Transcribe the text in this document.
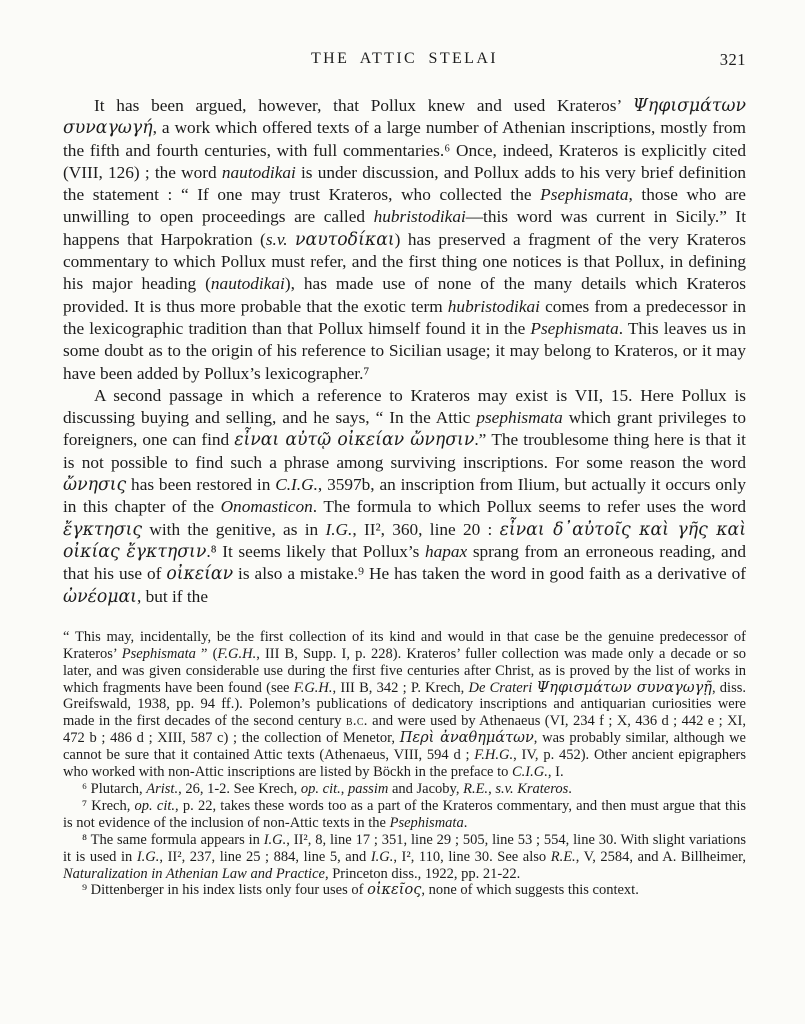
THE ATTIC STELAI	321

It has been argued, however, that Pollux knew and used Krateros’ Ψηφισμάτων συναγωγή, a work which offered texts of a large number of Athenian inscriptions, mostly from the fifth and fourth centuries, with full commentaries.⁶ Once, indeed, Krateros is explicitly cited (VIII, 126) ; the word nautodikai is under discussion, and Pollux adds to his very brief definition the statement : “ If one may trust Krateros, who collected the Psephismata, those who are unwilling to open proceedings are called hubristodikai—this word was current in Sicily.” It happens that Harpokration (s.v. ναυτοδίκαι) has preserved a fragment of the very Krateros commentary to which Pollux must refer, and the first thing one notices is that Pollux, in defining his major heading (nautodikai), has made use of none of the many details which Krateros provided. It is thus more probable that the exotic term hubristodikai comes from a predecessor in the lexicographic tradition than that Pollux himself found it in the Psephismata. This leaves us in some doubt as to the origin of his reference to Sicilian usage; it may belong to Krateros, or it may have been added by Pollux’s lexicographer.⁷

A second passage in which a reference to Krateros may exist is VII, 15. Here Pollux is discussing buying and selling, and he says, “ In the Attic psephismata which grant privileges to foreigners, one can find εἶναι αὐτῷ οἰκείαν ὤνησιν.” The troublesome thing here is that it is not possible to find such a phrase among surviving inscriptions. For some reason the word ὤνησις has been restored in C.I.G., 3597b, an inscription from Ilium, but actually it occurs only in this chapter of the Onomasticon. The formula to which Pollux seems to refer uses the word ἔγκτησις with the genitive, as in I.G., II², 360, line 20 : εἶναι δ᾽αὐτοῖς καὶ γῆς καὶ οἰκίας ἔγκτησιν.⁸ It seems likely that Pollux’s hapax sprang from an erroneous reading, and that his use of οἰκείαν is also a mistake.⁹ He has taken the word in good faith as a derivative of ὠνέομαι, but if the

“ This may, incidentally, be the first collection of its kind and would in that case be the genuine predecessor of Krateros’ Psephismata ” (F.G.H., III B, Supp. I, p. 228). Krateros’ fuller collection was made only a decade or so later, and was given considerable use during the first five centuries after Christ, as is proved by the list of works in which fragments have been found (see F.G.H., III B, 342 ; P. Krech, De Crateri Ψηφισμάτων συναγωγῇ, diss. Greifswald, 1938, pp. 94 ff.). Polemon’s publications of dedicatory inscriptions and antiquarian curiosities were made in the first decades of the second century b.c. and were used by Athenaeus (VI, 234 f ; X, 436 d ; 442 e ; XI, 472 b ; 486 d ; XIII, 587 c) ; the collection of Menetor, Περὶ ἀναθημάτων, was probably similar, although we cannot be sure that it contained Attic texts (Athenaeus, VIII, 594 d ; F.H.G., IV, p. 452). Other ancient epigraphers who worked with non-Attic inscriptions are listed by Böckh in the preface to C.I.G., I.

⁶ Plutarch, Arist., 26, 1-2. See Krech, op. cit., passim and Jacoby, R.E., s.v. Krateros.

⁷ Krech, op. cit., p. 22, takes these words too as a part of the Krateros commentary, and then must argue that this is not evidence of the inclusion of non-Attic texts in the Psephismata.

⁸ The same formula appears in I.G., II², 8, line 17 ; 351, line 29 ; 505, line 53 ; 554, line 30. With slight variations it is used in I.G., II², 237, line 25 ; 884, line 5, and I.G., I², 110, line 30. See also R.E., V, 2584, and A. Billheimer, Naturalization in Athenian Law and Practice, Princeton diss., 1922, pp. 21-22.

⁹ Dittenberger in his index lists only four uses of οἰκεῖος, none of which suggests this context.
